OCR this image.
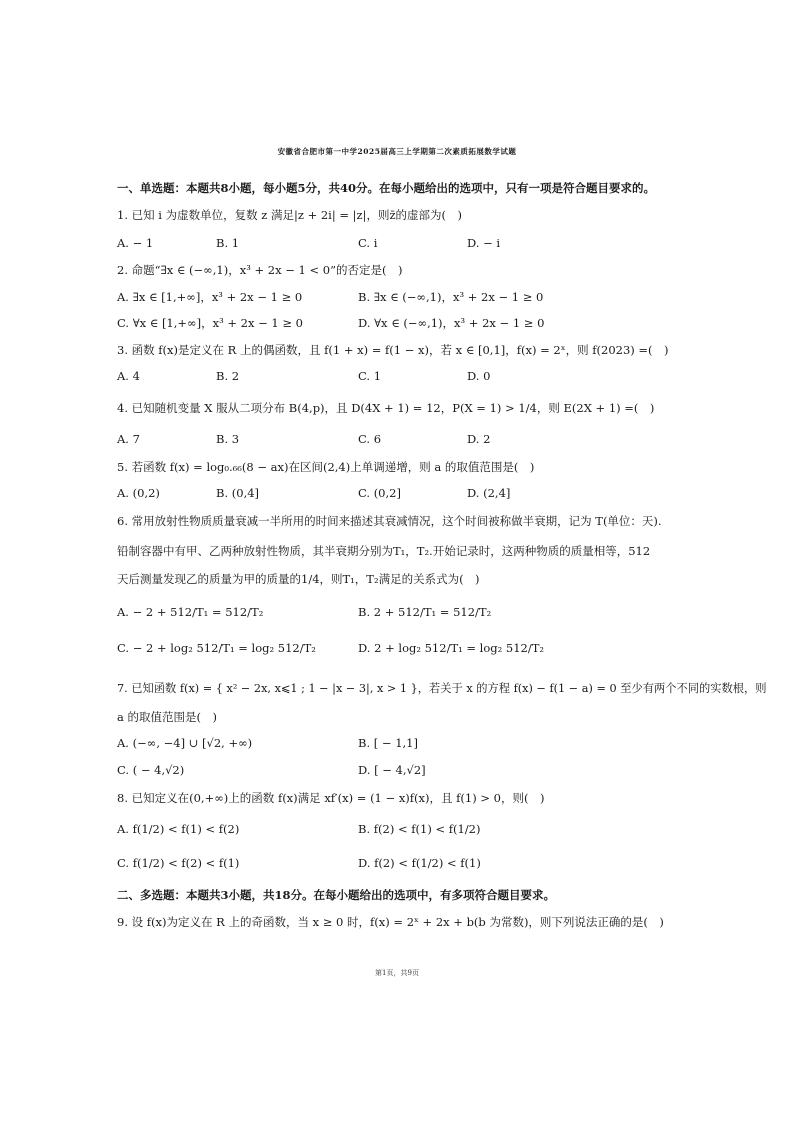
安徽省合肥市第一中学2025届高三上学期第二次素质拓展数学试题
一、单选题：本题共8小题，每小题5分，共40分。在每小题给出的选项中，只有一项是符合题目要求的。
1. 已知 i 为虚数单位，复数 z 满足|z + 2i| = |z|，则z̄的虚部为(　)
A. − 1	B. 1	C. i	D. − i
2. 命题“∃x ∈ (−∞,1)，x³ + 2x − 1 < 0”的否定是(　)
A. ∃x ∈ [1,+∞]，x³ + 2x − 1 ≥ 0	B. ∃x ∈ (−∞,1)，x³ + 2x − 1 ≥ 0
C. ∀x ∈ [1,+∞]，x³ + 2x − 1 ≥ 0	D. ∀x ∈ (−∞,1)，x³ + 2x − 1 ≥ 0
3. 函数 f(x)是定义在 R 上的偶函数，且 f(1 + x) = f(1 − x)，若 x ∈ [0,1]，f(x) = 2ˣ，则 f(2023) =(　)
A. 4	B. 2	C. 1	D. 0
4. 已知随机变量 X 服从二项分布 B(4,p)，且 D(4X + 1) = 12，P(X = 1) > 1/4，则 E(2X + 1) =(　)
A. 7	B. 3	C. 6	D. 2
5. 若函数 f(x) = log₀.₆₆(8 − ax)在区间(2,4)上单调递增，则 a 的取值范围是(　)
A. (0,2)	B. (0,4]	C. (0,2]	D. (2,4]
6. 常用放射性物质质量衰减一半所用的时间来描述其衰减情况，这个时间被称做半衰期，记为 T(单位：天).
铅制容器中有甲、乙两种放射性物质，其半衰期分别为T₁，T₂.开始记录时，这两种物质的质量相等，512
天后测量发现乙的质量为甲的质量的1/4，则T₁，T₂满足的关系式为(　)
A. − 2 + 512/T₁ = 512/T₂	B. 2 + 512/T₁ = 512/T₂
C. − 2 + log₂ 512/T₁ = log₂ 512/T₂	D. 2 + log₂ 512/T₁ = log₂ 512/T₂
7. 已知函数 f(x) = { x² − 2x, x⩽1 ; 1 − |x − 3|, x > 1 }，若关于 x 的方程 f(x) − f(1 − a) = 0 至少有两个不同的实数根，则
a 的取值范围是(　)
A. (−∞, −4] ∪ [√2, +∞)	B. [ − 1,1]
C. ( − 4,√2)	D. [ − 4,√2]
8. 已知定义在(0,+∞)上的函数 f(x)满足 xf′(x) = (1 − x)f(x)，且 f(1) > 0，则(　)
A. f(1/2) < f(1) < f(2)	B. f(2) < f(1) < f(1/2)
C. f(1/2) < f(2) < f(1)	D. f(2) < f(1/2) < f(1)
二、多选题：本题共3小题，共18分。在每小题给出的选项中，有多项符合题目要求。
9. 设 f(x)为定义在 R 上的奇函数，当 x ≥ 0 时，f(x) = 2ˣ + 2x + b(b 为常数)，则下列说法正确的是(　)
第1页，共9页
